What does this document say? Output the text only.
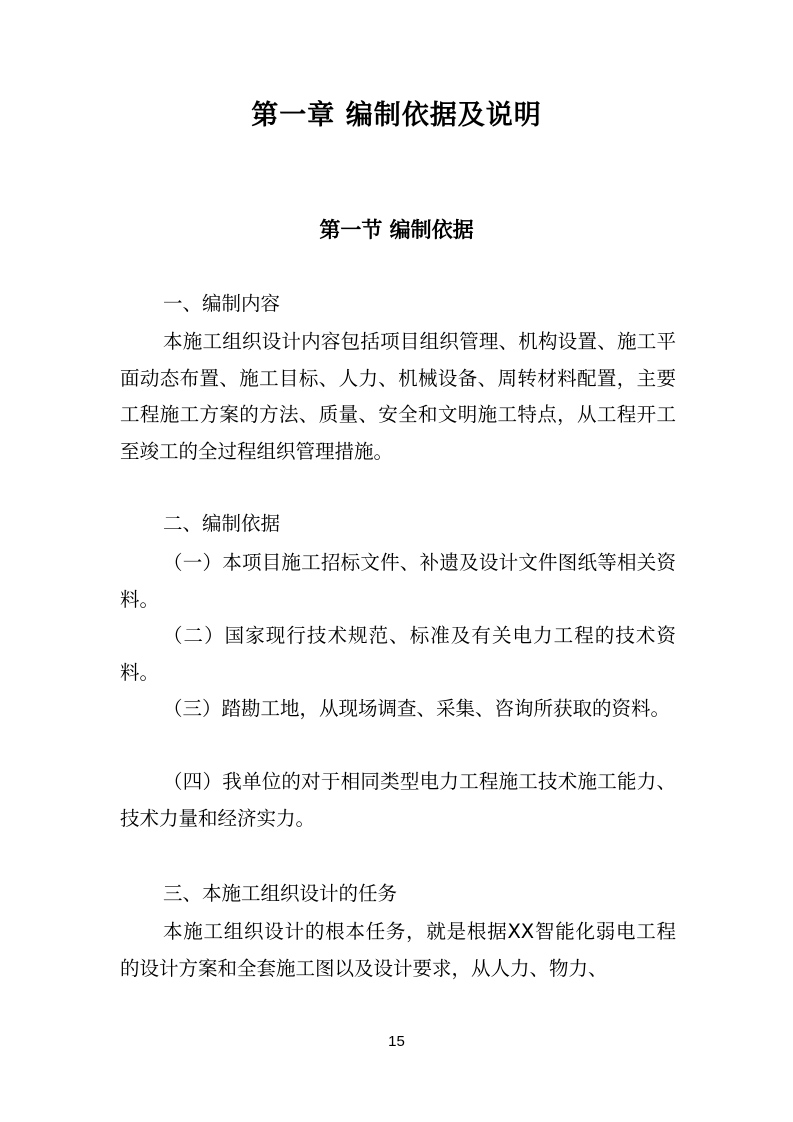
第一章 编制依据及说明
第一节 编制依据
一、编制内容

本施工组织设计内容包括项目组织管理、机构设置、施工平面动态布置、施工目标、人力、机械设备、周转材料配置，主要工程施工方案的方法、质量、安全和文明施工特点，从工程开工至竣工的全过程组织管理措施。

二、编制依据

（一）本项目施工招标文件、补遗及设计文件图纸等相关资料。

（二）国家现行技术规范、标准及有关电力工程的技术资料。

（三）踏勘工地，从现场调查、采集、咨询所获取的资料。

（四）我单位的对于相同类型电力工程施工技术施工能力、技术力量和经济实力。

三、本施工组织设计的任务

本施工组织设计的根本任务，就是根据XX智能化弱电工程的设计方案和全套施工图以及设计要求，从人力、物力、

15
